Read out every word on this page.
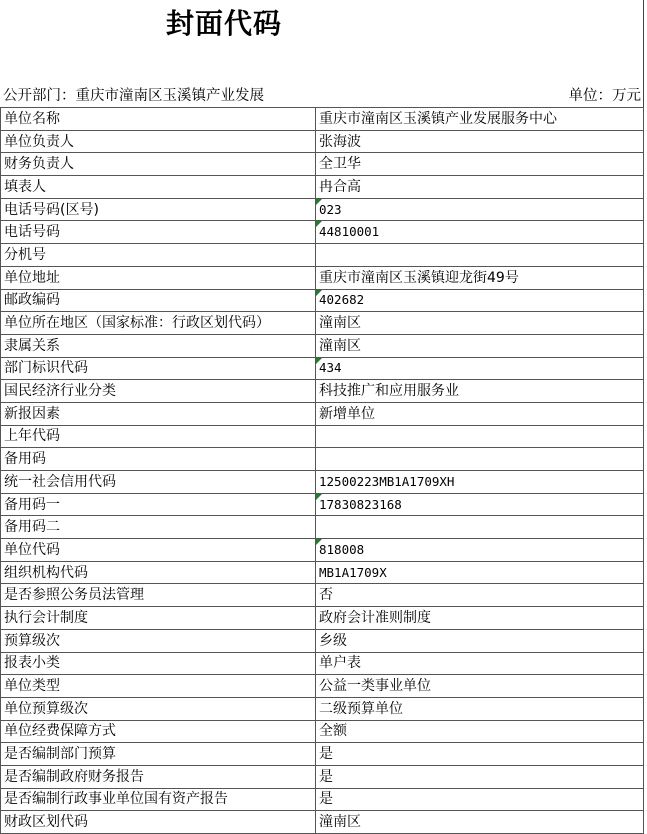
封面代码
公开部门：重庆市潼南区玉溪镇产业发展	单位：万元
单位名称	重庆市潼南区玉溪镇产业发展服务中心
单位负责人	张海波
财务负责人	全卫华
填表人	冉合高
电话号码(区号)	023
电话号码	44810001
分机号	
单位地址	重庆市潼南区玉溪镇迎龙街49号
邮政编码	402682
单位所在地区（国家标准：行政区划代码）	潼南区
隶属关系	潼南区
部门标识代码	434
国民经济行业分类	科技推广和应用服务业
新报因素	新增单位
上年代码	
备用码	
统一社会信用代码	12500223MB1A1709XH
备用码一	17830823168
备用码二	
单位代码	818008
组织机构代码	MB1A1709X
是否参照公务员法管理	否
执行会计制度	政府会计准则制度
预算级次	乡级
报表小类	单户表
单位类型	公益一类事业单位
单位预算级次	二级预算单位
单位经费保障方式	全额
是否编制部门预算	是
是否编制政府财务报告	是
是否编制行政事业单位国有资产报告	是
财政区划代码	潼南区
